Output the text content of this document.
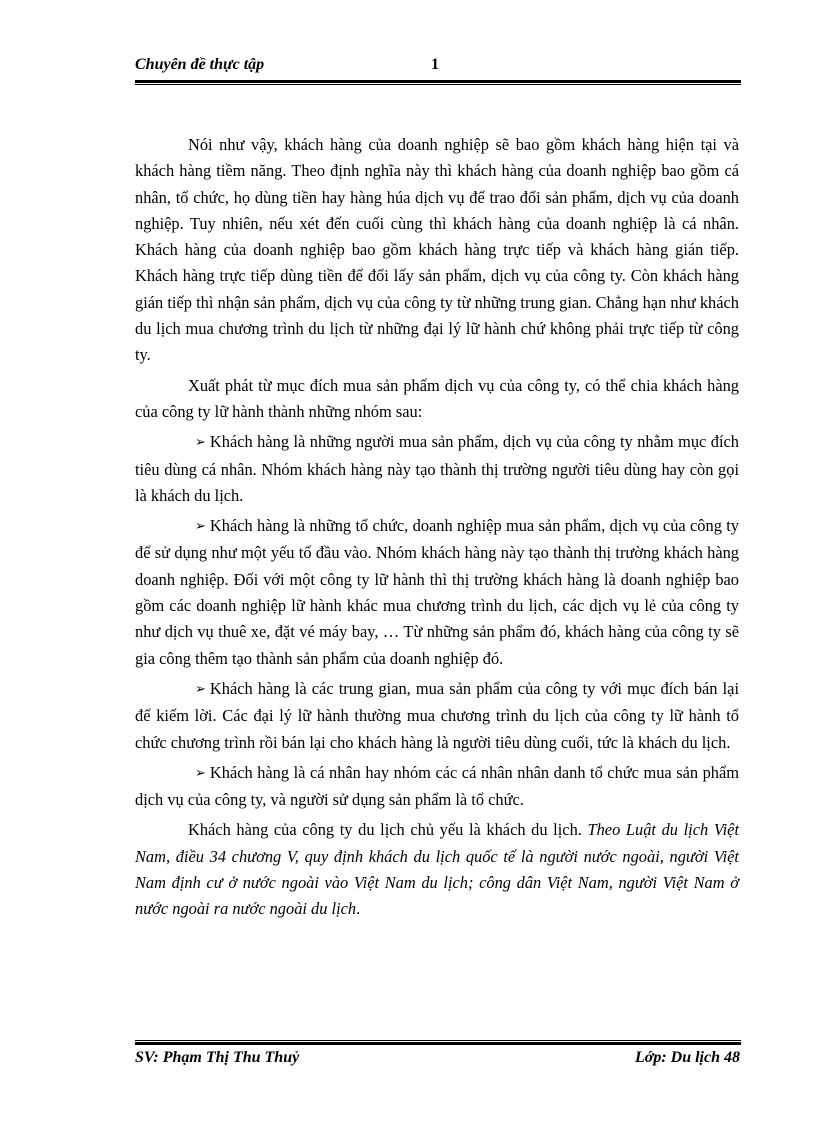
Chuyên đề thực tập	1

Nói như vậy, khách hàng của doanh nghiệp sẽ bao gồm khách hàng hiện tại và khách hàng tiềm năng. Theo định nghĩa này thì khách hàng của doanh nghiệp bao gồm cá nhân, tổ chức, họ dùng tiền hay hàng húa dịch vụ để trao đổi sản phẩm, dịch vụ của doanh nghiệp. Tuy nhiên, nếu xét đến cuối cùng thì khách hàng của doanh nghiệp là cá nhân. Khách hàng của doanh nghiệp bao gồm khách hàng trực tiếp và khách hàng gián tiếp. Khách hàng trực tiếp dùng tiền để đổi lấy sản phẩm, dịch vụ của công ty. Còn khách hàng gián tiếp thì nhận sản phẩm, dịch vụ của công ty từ những trung gian. Chẳng hạn như khách du lịch mua chương trình du lịch từ những đại lý lữ hành chứ không phải trực tiếp từ công ty.

Xuất phát từ mục đích mua sản phẩm dịch vụ của công ty, có thể chia khách hàng của công ty lữ hành thành những nhóm sau:

➢ Khách hàng là những người mua sản phẩm, dịch vụ của công ty nhằm mục đích tiêu dùng cá nhân. Nhóm khách hàng này tạo thành thị trường người tiêu dùng hay còn gọi là khách du lịch.

➢ Khách hàng là những tổ chức, doanh nghiệp mua sản phẩm, dịch vụ của công ty để sử dụng như một yếu tố đầu vào. Nhóm khách hàng này tạo thành thị trường khách hàng doanh nghiệp. Đối với một công ty lữ hành thì thị trường khách hàng là doanh nghiệp bao gồm các doanh nghiệp lữ hành khác mua chương trình du lịch, các dịch vụ lẻ của công ty như dịch vụ thuê xe, đặt vé máy bay, … Từ những sản phẩm đó, khách hàng của công ty sẽ gia công thêm tạo thành sản phẩm của doanh nghiệp đó.

➢ Khách hàng là các trung gian, mua sản phẩm của công ty với mục đích bán lại để kiếm lời. Các đại lý lữ hành thường mua chương trình du lịch của công ty lữ hành tổ chức chương trình rồi bán lại cho khách hàng là người tiêu dùng cuối, tức là khách du lịch.

➢ Khách hàng là cá nhân hay nhóm các cá nhân nhân danh tổ chức mua sản phẩm dịch vụ của công ty, và người sử dụng sản phẩm là tổ chức.

Khách hàng của công ty du lịch chủ yếu là khách du lịch. Theo Luật du lịch Việt Nam, điều 34 chương V, quy định khách du lịch quốc tế là người nước ngoài, người Việt Nam định cư ở nước ngoài vào Việt Nam du lịch; công dân Việt Nam, người Việt Nam ở nước ngoài ra nước ngoài du lịch.

SV: Phạm Thị Thu Thuỷ	Lớp: Du lịch 48
